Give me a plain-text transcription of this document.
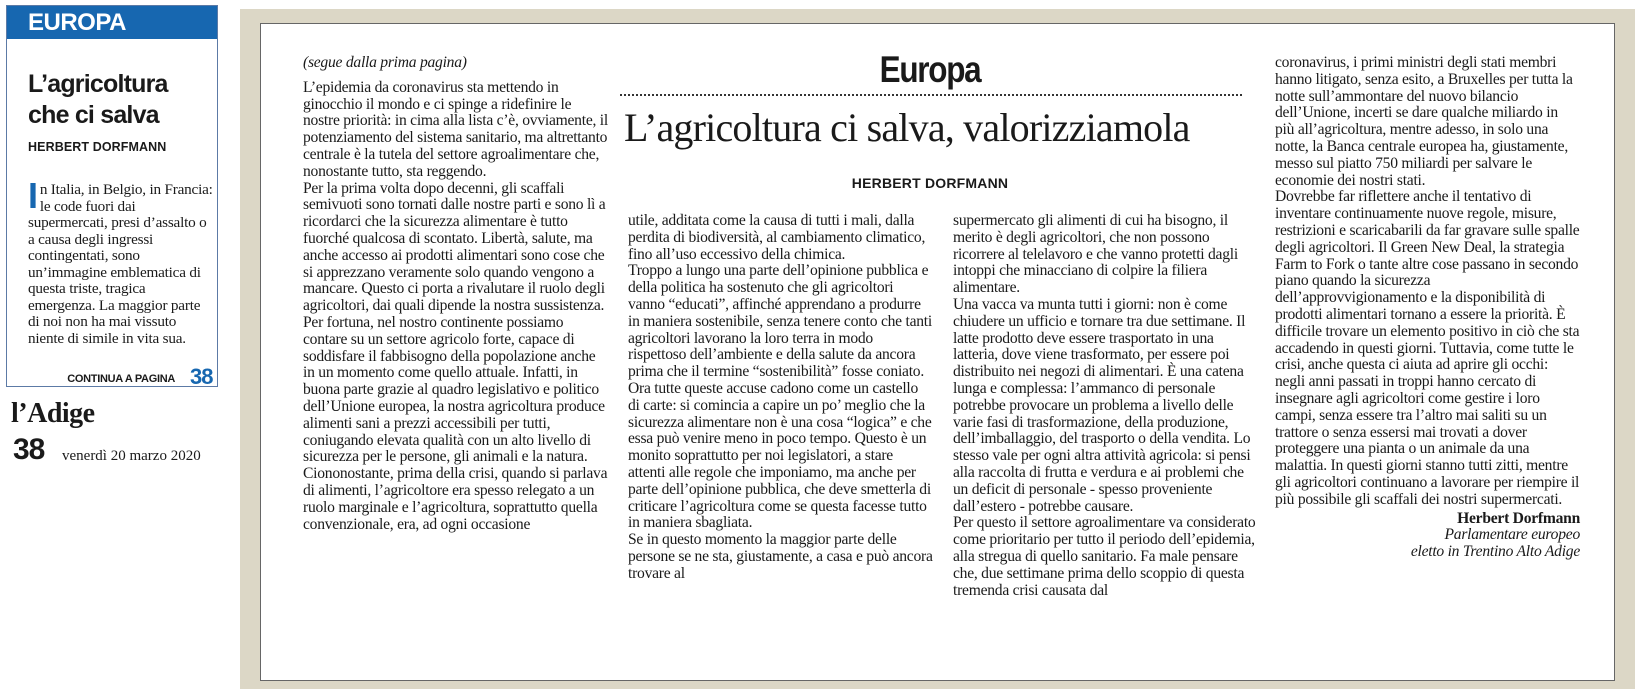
EUROPA
L’agricoltura che ci salva
HERBERT DORFMANN
In Italia, in Belgio, in Francia: le code fuori dai supermercati, presi d’assalto o a causa degli ingressi contingentati, sono un’immagine emblematica di questa triste, tragica emergenza. La maggior parte di noi non ha mai vissuto niente di simile in vita sua.
CONTINUA A PAGINA 38
l’Adige
38 venerdì 20 marzo 2020
Europa
L’agricoltura ci salva, valorizziamola
HERBERT DORFMANN

(segue dalla prima pagina)

L’epidemia da coronavirus sta mettendo in ginocchio il mondo e ci spinge a ridefinire le nostre priorità: in cima alla lista c’è, ovviamente, il potenziamento del sistema sanitario, ma altrettanto centrale è la tutela del settore agroalimentare che, nonostante tutto, sta reggendo.

Per la prima volta dopo decenni, gli scaffali semivuoti sono tornati dalle nostre parti e sono lì a ricordarci che la sicurezza alimentare è tutto fuorché qualcosa di scontato. Libertà, salute, ma anche accesso ai prodotti alimentari sono cose che si apprezzano veramente solo quando vengono a mancare. Questo ci porta a rivalutare il ruolo degli agricoltori, dai quali dipende la nostra sussistenza. Per fortuna, nel nostro continente possiamo contare su un settore agricolo forte, capace di soddisfare il fabbisogno della popolazione anche in un momento come quello attuale. Infatti, in buona parte grazie al quadro legislativo e politico dell’Unione europea, la nostra agricoltura produce alimenti sani a prezzi accessibili per tutti, coniugando elevata qualità con un alto livello di sicurezza per le persone, gli animali e la natura.

Ciononostante, prima della crisi, quando si parlava di alimenti, l’agricoltore era spesso relegato a un ruolo marginale e l’agricoltura, soprattutto quella convenzionale, era, ad ogni occasione

utile, additata come la causa di tutti i mali, dalla perdita di biodiversità, al cambiamento climatico, fino all’uso eccessivo della chimica.

Troppo a lungo una parte dell’opinione pubblica e della politica ha sostenuto che gli agricoltori vanno “educati”, affinché apprendano a produrre in maniera sostenibile, senza tenere conto che tanti agricoltori lavorano la loro terra in modo rispettoso dell’ambiente e della salute da ancora prima che il termine “sostenibilità” fosse coniato.

Ora tutte queste accuse cadono come un castello di carte: si comincia a capire un po’ meglio che la sicurezza alimentare non è una cosa “logica” e che essa può venire meno in poco tempo. Questo è un monito soprattutto per noi legislatori, a stare attenti alle regole che imponiamo, ma anche per parte dell’opinione pubblica, che deve smetterla di criticare l’agricoltura come se questa facesse tutto in maniera sbagliata.

Se in questo momento la maggior parte delle persone se ne sta, giustamente, a casa e può ancora trovare al

supermercato gli alimenti di cui ha bisogno, il merito è degli agricoltori, che non possono ricorrere al telelavoro e che vanno protetti dagli intoppi che minacciano di colpire la filiera alimentare.

Una vacca va munta tutti i giorni: non è come chiudere un ufficio e tornare tra due settimane. Il latte prodotto deve essere trasportato in una latteria, dove viene trasformato, per essere poi distribuito nei negozi di alimentari. È una catena lunga e complessa: l’ammanco di personale potrebbe provocare un problema a livello delle varie fasi di trasformazione, della produzione, dell’imballaggio, del trasporto o della vendita. Lo stesso vale per ogni altra attività agricola: si pensi alla raccolta di frutta e verdura e ai problemi che un deficit di personale - spesso proveniente dall’estero - potrebbe causare.

Per questo il settore agroalimentare va considerato come prioritario per tutto il periodo dell’epidemia, alla stregua di quello sanitario. Fa male pensare che, due settimane prima dello scoppio di questa tremenda crisi causata dal

coronavirus, i primi ministri degli stati membri hanno litigato, senza esito, a Bruxelles per tutta la notte sull’ammontare del nuovo bilancio dell’Unione, incerti se dare qualche miliardo in più all’agricoltura, mentre adesso, in solo una notte, la Banca centrale europea ha, giustamente, messo sul piatto 750 miliardi per salvare le economie dei nostri stati.

Dovrebbe far riflettere anche il tentativo di inventare continuamente nuove regole, misure, restrizioni e scaricabarili da far gravare sulle spalle degli agricoltori. Il Green New Deal, la strategia Farm to Fork o tante altre cose passano in secondo piano quando la sicurezza dell’approvvigionamento e la disponibilità di prodotti alimentari tornano a essere la priorità. È difficile trovare un elemento positivo in ciò che sta accadendo in questi giorni. Tuttavia, come tutte le crisi, anche questa ci aiuta ad aprire gli occhi: negli anni passati in troppi hanno cercato di insegnare agli agricoltori come gestire i loro campi, senza essere tra l’altro mai saliti su un trattore o senza essersi mai trovati a dover proteggere una pianta o un animale da una malattia. In questi giorni stanno tutti zitti, mentre gli agricoltori continuano a lavorare per riempire il più possibile gli scaffali dei nostri supermercati.

Herbert Dorfmann

Parlamentare europeo

eletto in Trentino Alto Adige
